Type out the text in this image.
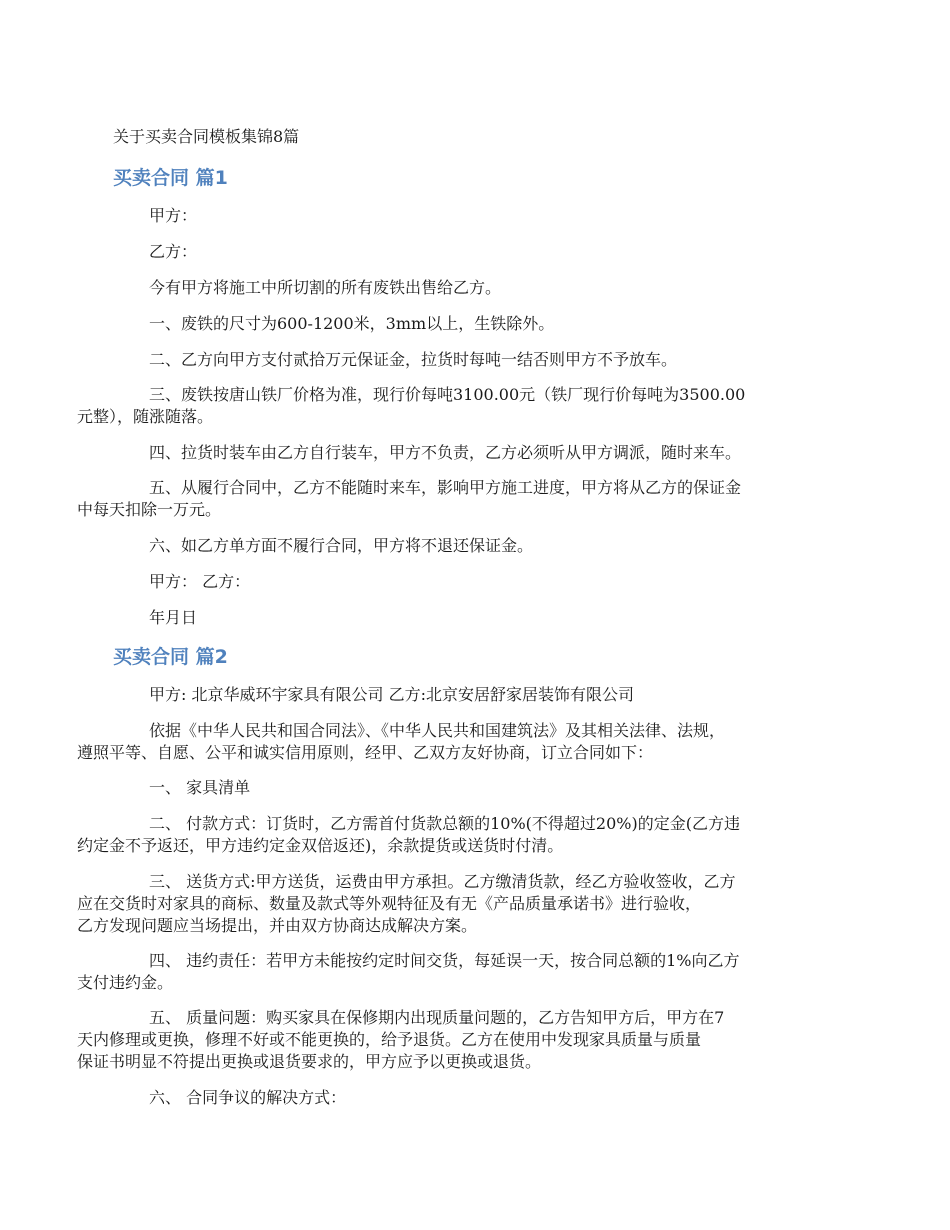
关于买卖合同模板集锦8篇
买卖合同 篇1

甲方：

乙方：

今有甲方将施工中所切割的所有废铁出售给乙方。

一、废铁的尺寸为600-1200米，3mm以上，生铁除外。

二、乙方向甲方支付贰拾万元保证金，拉货时每吨一结否则甲方不予放车。

三、废铁按唐山铁厂价格为准，现行价每吨3100.00元（铁厂现行价每吨为3500.00
元整），随涨随落。

四、拉货时装车由乙方自行装车，甲方不负责，乙方必须听从甲方调派，随时来车。

五、从履行合同中，乙方不能随时来车，影响甲方施工进度，甲方将从乙方的保证金
中每天扣除一万元。

六、如乙方单方面不履行合同，甲方将不退还保证金。

甲方： 乙方：

年月日

买卖合同 篇2

甲方: 北京华威环宇家具有限公司 乙方:北京安居舒家居装饰有限公司

依据《中华人民共和国合同法》、《中华人民共和国建筑法》及其相关法律、法规，
遵照平等、自愿、公平和诚实信用原则，经甲、乙双方友好协商，订立合同如下：

一、 家具清单

二、 付款方式：订货时，乙方需首付货款总额的10%(不得超过20%)的定金(乙方违
约定金不予返还，甲方违约定金双倍返还)，余款提货或送货时付清。

三、 送货方式:甲方送货，运费由甲方承担。乙方缴清货款，经乙方验收签收，乙方
应在交货时对家具的商标、数量及款式等外观特征及有无《产品质量承诺书》进行验收，
乙方发现问题应当场提出，并由双方协商达成解决方案。

四、 违约责任：若甲方未能按约定时间交货，每延误一天，按合同总额的1%向乙方
支付违约金。

五、 质量问题：购买家具在保修期内出现质量问题的，乙方告知甲方后，甲方在7
天内修理或更换，修理不好或不能更换的，给予退货。乙方在使用中发现家具质量与质量
保证书明显不符提出更换或退货要求的，甲方应予以更换或退货。

六、 合同争议的解决方式：
